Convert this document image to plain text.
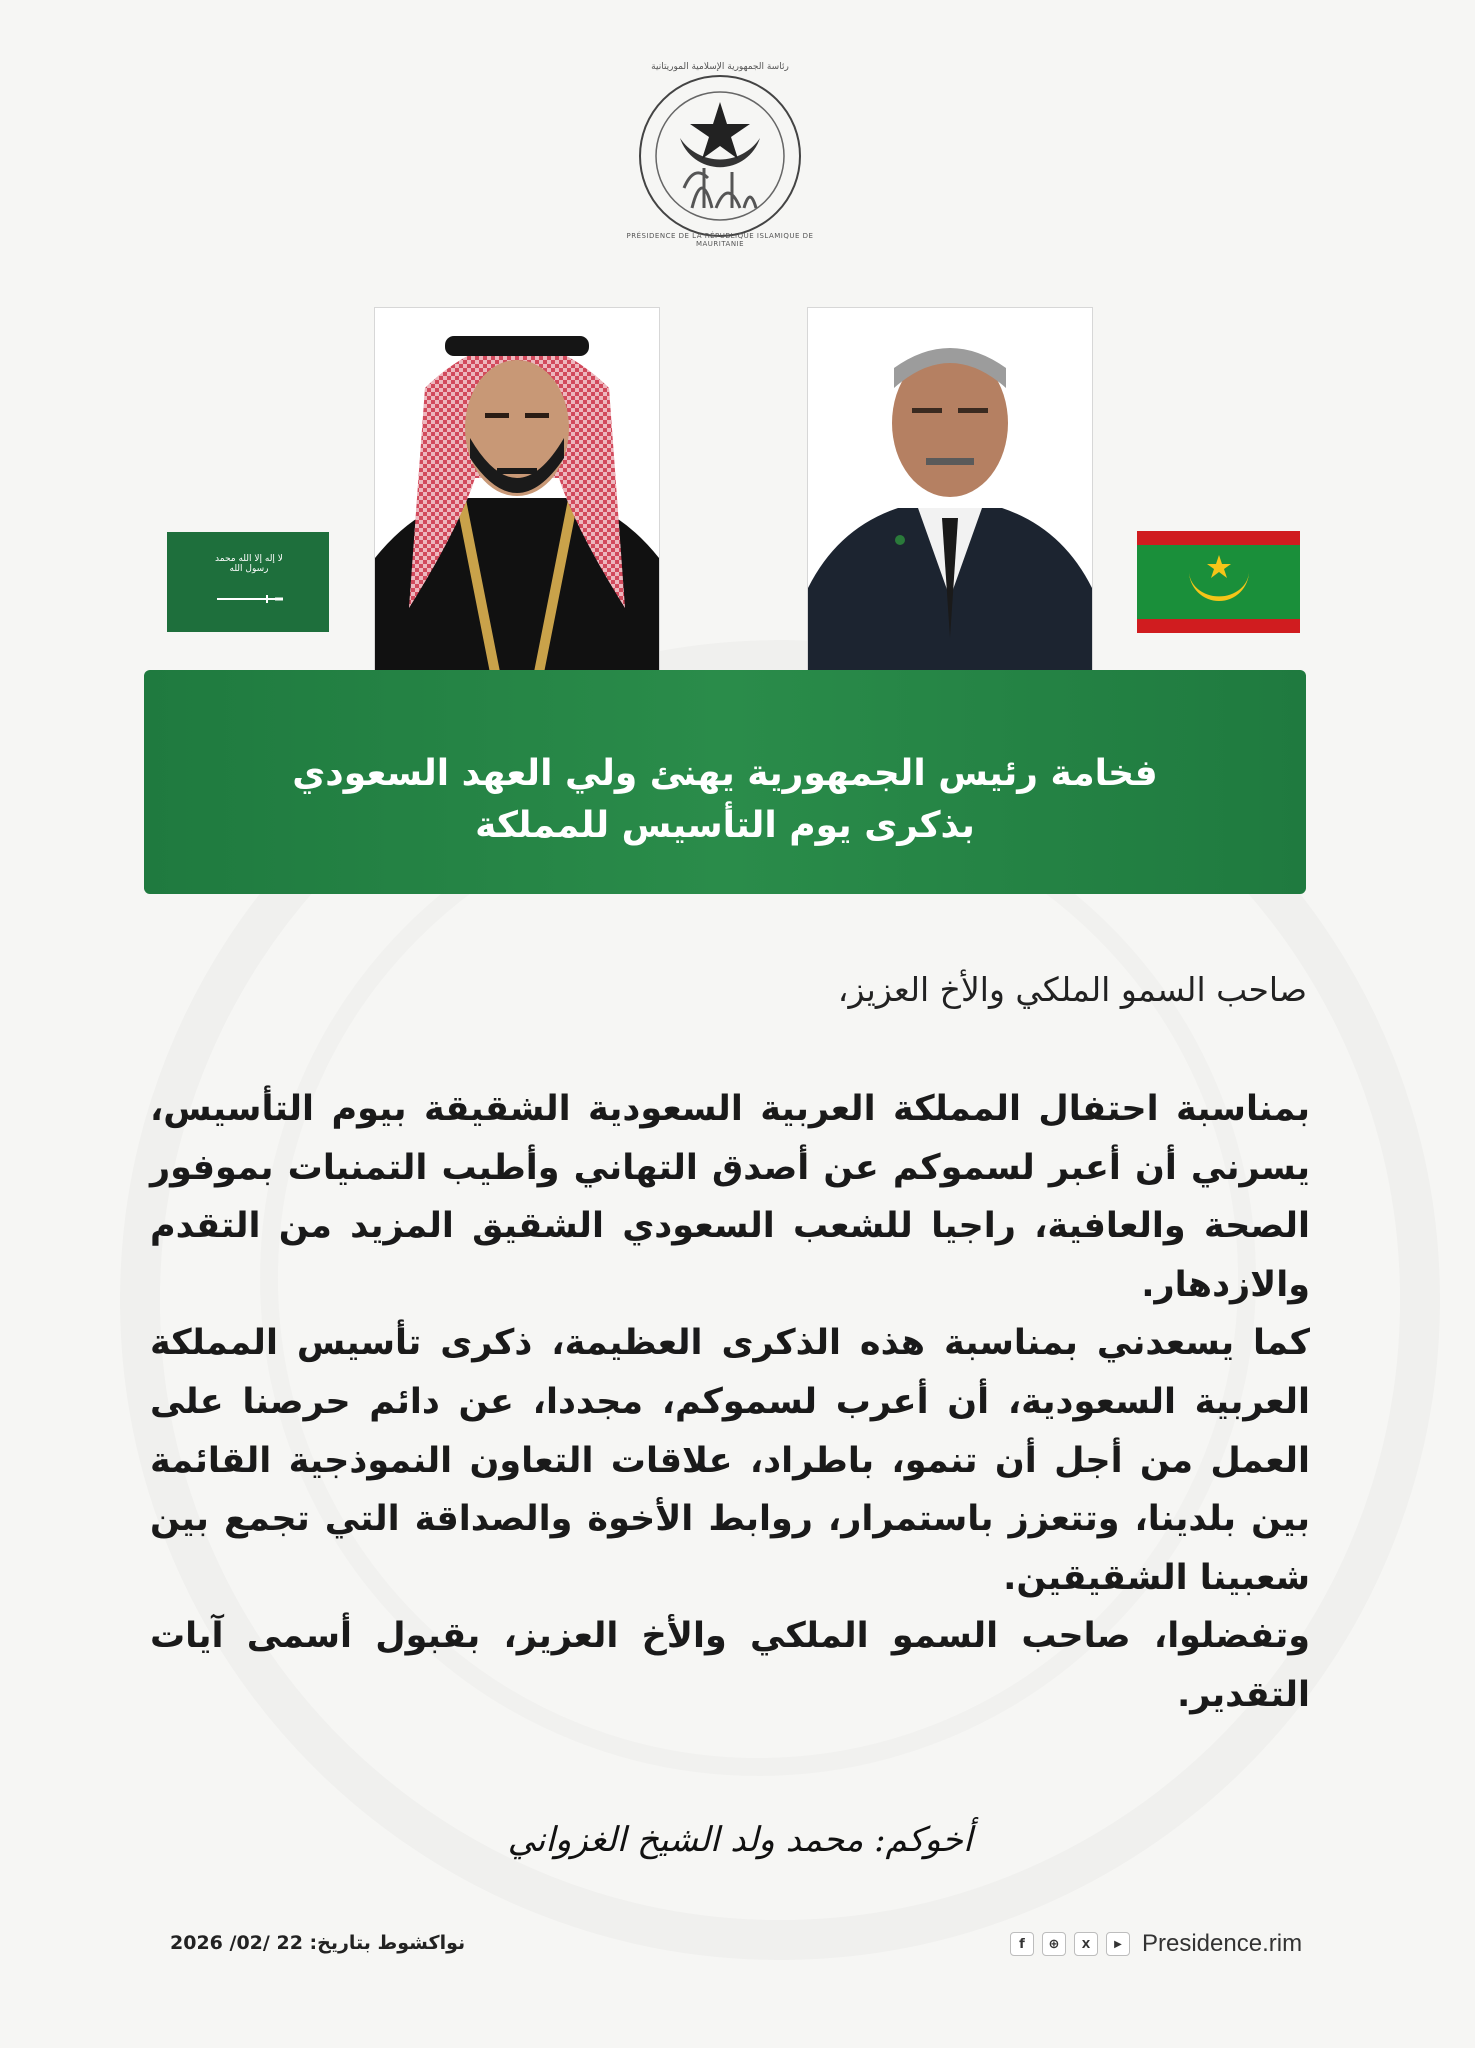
رئاسة الجمهورية الإسلامية الموريتانية
PRÉSIDENCE DE LA RÉPUBLIQUE ISLAMIQUE DE MAURITANIE
لا إله إلا الله محمد رسول الله
فخامة رئيس الجمهورية يهنئ ولي العهد السعودي
بذكرى يوم التأسيس للمملكة
صاحب السمو الملكي والأخ العزيز،

بمناسبة احتفال المملكة العربية السعودية الشقيقة بيوم التأسيس، يسرني أن أعبر لسموكم عن أصدق التهاني وأطيب التمنيات بموفور الصحة والعافية، راجيا للشعب السعودي الشقيق المزيد من التقدم والازدهار.

كما يسعدني بمناسبة هذه الذكرى العظيمة، ذكرى تأسيس المملكة العربية السعودية، أن أعرب لسموكم، مجددا، عن دائم حرصنا على العمل من أجل أن تنمو، باطراد، علاقات التعاون النموذجية القائمة بين بلدينا، وتتعزز باستمرار، روابط الأخوة والصداقة التي تجمع بين شعبينا الشقيقين.

وتفضلوا، صاحب السمو الملكي والأخ العزيز، بقبول أسمى آيات التقدير.

أخوكم: محمد ولد الشيخ الغزواني
نواكشوط بتاريخ: 22 /02/ 2026	f	⊕	X	▶ Presidence.rim
